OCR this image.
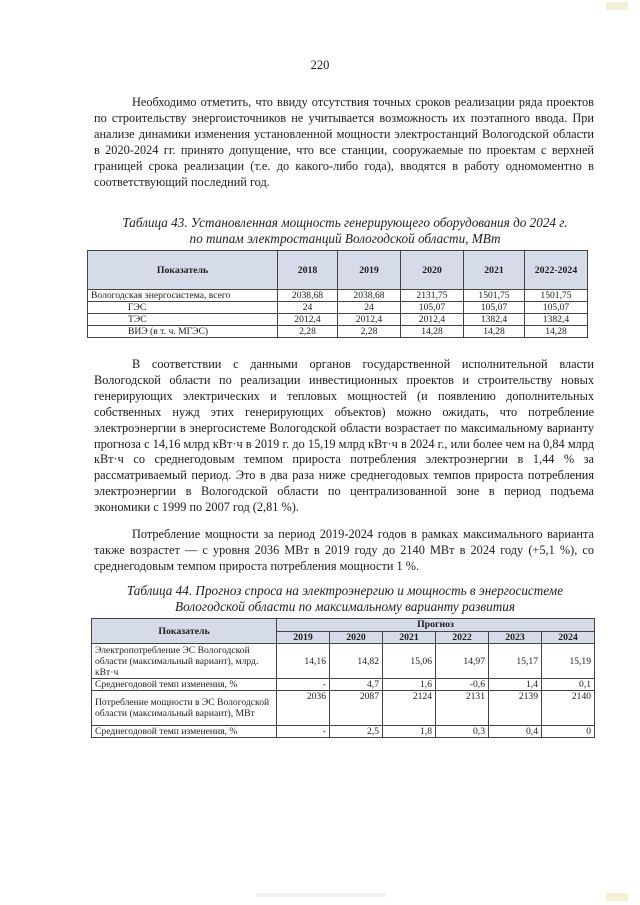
220

Необходимо отметить, что ввиду отсутствия точных сроков реализации ряда проектов по строительству энергоисточников не учитывается возможность их поэтапного ввода. При анализе динамики изменения установленной мощности электростанций Вологодской области в 2020-2024 гг. принято допущение, что все станции, сооружаемые по проектам с верхней границей срока реализации (т.е. до какого-либо года), вводятся в работу одномоментно в соответствующий последний год.

Таблица 43. Установленная мощность генерирующего оборудования до 2024 г.
по типам электростанций Вологодской области, МВт
Показатель	2018	2019	2020	2021	2022-2024
Вологодская энергосистема, всего	2038,68	2038,68	2131,75	1501,75	1501,75
ГЭС	24	24	105,07	105,07	105,07
ТЭС	2012,4	2012,4	2012,4	1382,4	1382,4
ВИЭ (в т. ч. МГЭС)	2,28	2,28	14,28	14,28	14,28

В соответствии с данными органов государственной исполнительной власти Вологодской области по реализации инвестиционных проектов и строительству новых генерирующих электрических и тепловых мощностей (и появлению дополнительных собственных нужд этих генерирующих объектов) можно ожидать, что потребление электроэнергии в энергосистеме Вологодской области возрастает по максимальному варианту прогноза с 14,16 млрд кВт·ч в 2019 г. до 15,19 млрд кВт·ч в 2024 г., или более чем на 0,84 млрд кВт·ч со среднегодовым темпом прироста потребления электроэнергии в 1,44 % за рассматриваемый период. Это в два раза ниже среднегодовых темпов прироста потребления электроэнергии в Вологодской области по централизованной зоне в период подъема экономики с 1999 по 2007 год (2,81 %).

Потребление мощности за период 2019-2024 годов в рамках максимального варианта также возрастет — с уровня 2036 МВт в 2019 году до 2140 МВт в 2024 году (+5,1 %), со среднегодовым темпом прироста потребления мощности 1 %.

Таблица 44. Прогноз спроса на электроэнергию и мощность в энергосистеме
Вологодской области по максимальному варианту развития
Показатель	Прогноз					
	2019	2020	2021	2022	2023	2024
Электропотребление ЭС Вологодской области (максимальный вариант), млрд. кВт·ч	14,16	14,82	15,06	14,97	15,17	15,19
Среднегодовой темп изменения, %	-	4,7	1,6	-0,6	1,4	0,1
Потребление мощности в ЭС Вологодской области (максимальный вариант), МВт	2036	2087	2124	2131	2139	2140
Среднегодовой темп изменения, %	-	2,5	1,8	0,3	0,4	0
